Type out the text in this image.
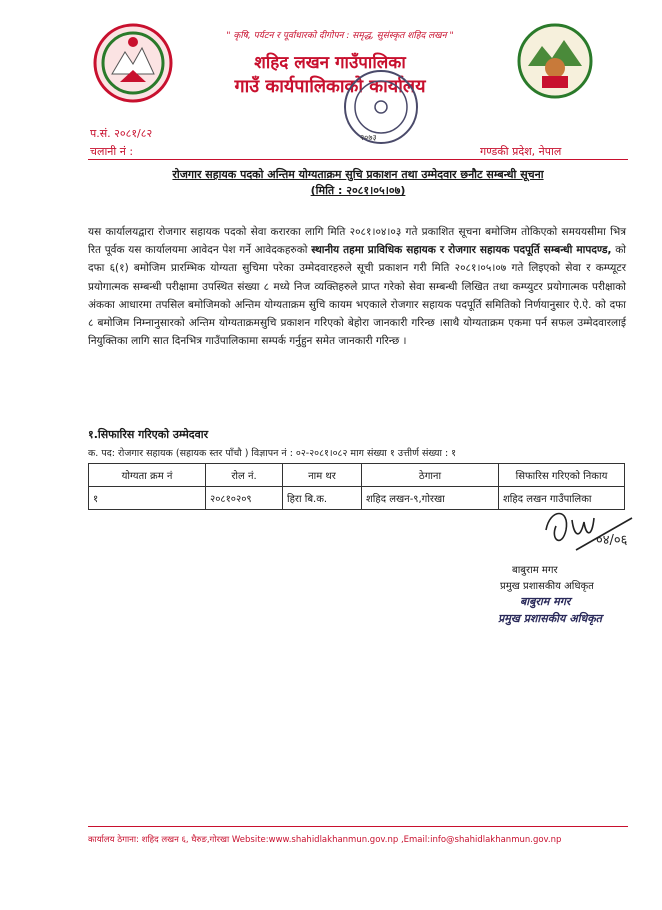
" कृषि, पर्यटन र पूर्वाधारको दीगोपन : समृद्ध, सुसंस्कृत शहिद लखन "
शहिद लखन गाउँपालिका
गाउँ कार्यपालिकाको कार्यालय
२०७३
प.सं. २०८१/८२
चलानी नं :	गण्डकी प्रदेश, नेपाल
रोजगार सहायक पदको अन्तिम योग्यताक्रम सुचि प्रकाशन तथा उम्मेदवार छनौट सम्बन्धी सूचना
(मिति : २०८१।०५।०७)
यस कार्यालयद्वारा रोजगार सहायक पदको सेवा करारका लागि मिति २०८१।०४।०३ गते प्रकाशित सूचना बमोजिम तोकिएको समययसीमा भित्र रित पूर्वक यस कार्यालयमा आवेदन पेश गर्ने आवेदकहरुको स्थानीय तहमा प्राविधिक सहायक र रोजगार सहायक पदपूर्ति सम्बन्धी मापदण्ड, को दफा ६(१) बमोजिम प्रारम्भिक योग्यता सुचिमा परेका उम्मेदवारहरुले सूची प्रकाशन गरी मिति २०८१।०५।०७ गते लिइएको सेवा र कम्प्यूटर प्रयोगात्मक सम्बन्धी परीक्षामा उपस्थित संख्या ८ मध्ये निज व्यक्तिहरुले प्राप्त गरेको सेवा सम्बन्धी लिखित तथा कम्प्युटर प्रयोगात्मक परीक्षाको अंकका आधारमा तपसिल बमोजिमको अन्तिम योग्यताक्रम सुचि कायम भएकाले रोजगार सहायक पदपूर्ति समितिको निर्णयानुसार ऐ.ऐ. को दफा ८ बमोजिम निम्नानुसारको अन्तिम योग्यताक्रमसुचि प्रकाशन गरिएको बेहोरा जानकारी गरिन्छ ।साथै योग्यताक्रम एकमा पर्न सफल उम्मेदवारलाई नियुक्तिका लागि सात दिनभित्र गाउँपालिकामा सम्पर्क गर्नुहुन समेत जानकारी गरिन्छ ।
१.सिफारिस गरिएको उम्मेदवार
क. पद: रोजगार सहायक (सहायक स्तर पाँचौ ) विज्ञापन नं : ०२-२०८१।०८२ माग संख्या १ उत्तीर्ण संख्या : १
योग्यता क्रम नं	रोल नं.	नाम थर	ठेगाना	सिफारिस गरिएको निकाय
१	२०८१०२०९	हिरा बि.क.	शहिद लखन-९,गोरखा	शहिद लखन गाउँपालिका
०४/०६
बाबुराम मगर
प्रमुख प्रशासकीय अधिकृत
बाबुराम मगर
प्रमुख प्रशासकीय अधिकृत
कार्यालय ठेगाना: शहिद लखन ६, घैरुङ,गोरखा Website:www.shahidlakhanmun.gov.np ,Email:info@shahidlakhanmun.gov.np
